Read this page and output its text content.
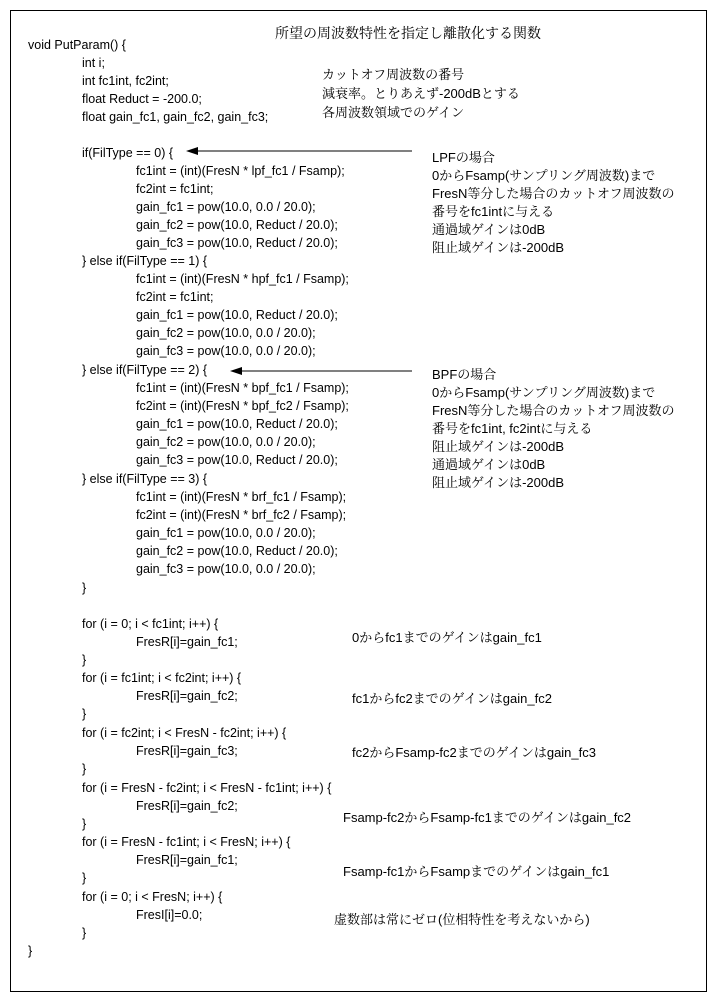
所望の周波数特性を指定し離散化する関数
void PutParam() {
int i;
int fc1int, fc2int;
float Reduct = -200.0;
float gain_fc1, gain_fc2, gain_fc3;
if(FilType == 0) {
fc1int = (int)(FresN * lpf_fc1 / Fsamp);
fc2int = fc1int;
gain_fc1 = pow(10.0, 0.0 / 20.0);
gain_fc2 = pow(10.0, Reduct / 20.0);
gain_fc3 = pow(10.0, Reduct / 20.0);
} else if(FilType == 1) {
fc1int = (int)(FresN * hpf_fc1 / Fsamp);
fc2int = fc1int;
gain_fc1 = pow(10.0, Reduct / 20.0);
gain_fc2 = pow(10.0, 0.0 / 20.0);
gain_fc3 = pow(10.0, 0.0 / 20.0);
} else if(FilType == 2) {
fc1int = (int)(FresN * bpf_fc1 / Fsamp);
fc2int = (int)(FresN * bpf_fc2 / Fsamp);
gain_fc1 = pow(10.0, Reduct / 20.0);
gain_fc2 = pow(10.0, 0.0 / 20.0);
gain_fc3 = pow(10.0, Reduct / 20.0);
} else if(FilType == 3) {
fc1int = (int)(FresN * brf_fc1 / Fsamp);
fc2int = (int)(FresN * brf_fc2 / Fsamp);
gain_fc1 = pow(10.0, 0.0 / 20.0);
gain_fc2 = pow(10.0, Reduct / 20.0);
gain_fc3 = pow(10.0, 0.0 / 20.0);
}
for (i = 0; i < fc1int; i++) {
FresR[i]=gain_fc1;
}
for (i = fc1int; i < fc2int; i++) {
FresR[i]=gain_fc2;
}
for (i = fc2int; i < FresN - fc2int; i++) {
FresR[i]=gain_fc3;
}
for (i = FresN - fc2int; i < FresN - fc1int; i++) {
FresR[i]=gain_fc2;
}
for (i = FresN - fc1int; i < FresN; i++) {
FresR[i]=gain_fc1;
}
for (i = 0; i < FresN; i++) {
FresI[i]=0.0;
}
}
カットオフ周波数の番号
減衰率。とりあえず-200dBとする
各周波数領域でのゲイン
LPFの場合
0からFsamp(サンプリング周波数)まで
FresN等分した場合のカットオフ周波数の
番号をfc1intに与える
通過域ゲインは0dB
阻止域ゲインは-200dB
BPFの場合
0からFsamp(サンプリング周波数)まで
FresN等分した場合のカットオフ周波数の
番号をfc1int, fc2intに与える
阻止域ゲインは-200dB
通過域ゲインは0dB
阻止域ゲインは-200dB
0からfc1までのゲインはgain_fc1
fc1からfc2までのゲインはgain_fc2
fc2からFsamp-fc2までのゲインはgain_fc3
Fsamp-fc2からFsamp-fc1までのゲインはgain_fc2
Fsamp-fc1からFsampまでのゲインはgain_fc1
虚数部は常にゼロ(位相特性を考えないから)
